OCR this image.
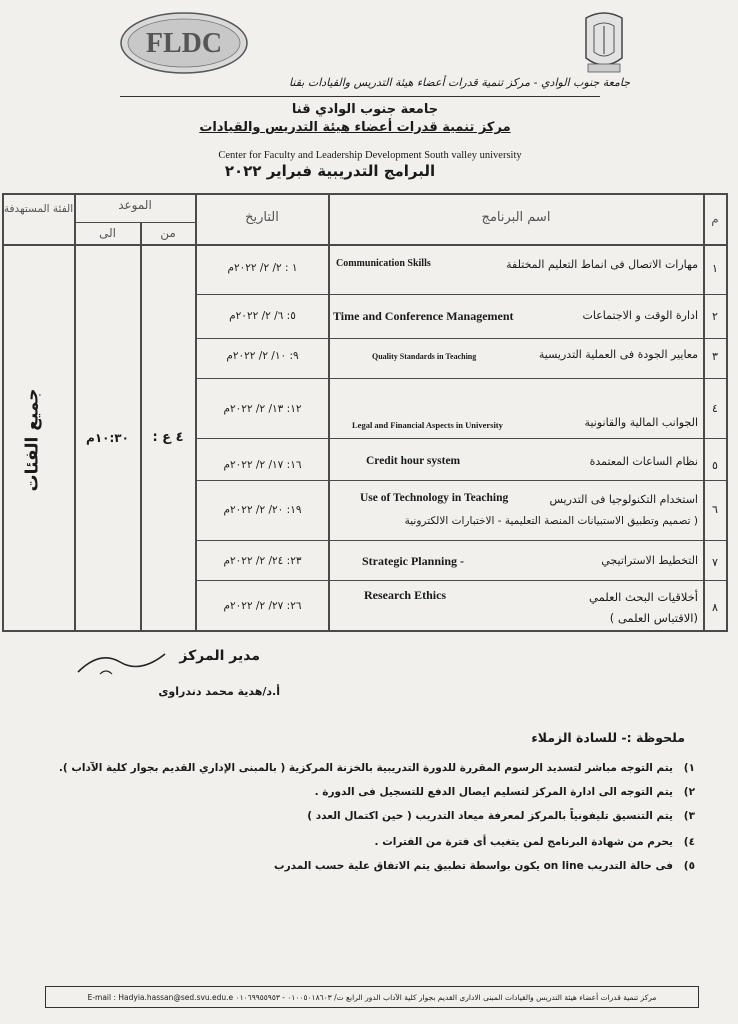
FLDC
جامعة جنوب الوادي - مركز تنمية قدرات أعضاء هيئة التدريس والقيادات بقنا
جامعة جنوب الوادي قنا
مركز تنمية قدرات أعضاء هيئة التدريس والقيادات
Center for Faculty and Leadership Development South valley university
البرامج التدريبية فبراير ٢٠٢٢
م
اسم البرنامج
التاريخ
الموعد
من
الى
الفئة المستهدفة
٤ ع :
١٠:٣٠م
جميع الفئات
١
مهارات الاتصال فى انماط التعليم المختلفة
Communication Skills
١ : ٢/ ٢/ ٢٠٢٢م
٢
ادارة الوقت و الاجتماعات
Time and Conference Management
٥: ٦/ ٢/ ٢٠٢٢م
٣
معايير الجودة فى العملية التدريسية
Quality Standards in Teaching
٩: ١٠/ ٢/ ٢٠٢٢م
٤
الجوانب المالية والقانونية
Legal and Financial Aspects in University
١٢: ١٣/ ٢/ ٢٠٢٢م
٥
نظام الساعات المعتمدة
Credit hour system
١٦: ١٧/ ٢/ ٢٠٢٢م
٦
استخدام التكنولوجيا فى التدريس
Use of Technology in Teaching
( تصميم وتطبيق الاستبيانات المنصة التعليمية - الاختبارات الالكترونية
١٩: ٢٠/ ٢/ ٢٠٢٢م
٧
التخطيط الاستراتيجي
Strategic Planning -
٢٣: ٢٤/ ٢/ ٢٠٢٢م
٨
أخلاقيات البحث العلمي
Research Ethics
(الاقتباس العلمى )
٢٦: ٢٧/ ٢/ ٢٠٢٢م
مدير المركز
أ.د/هدية محمد دندراوى
ملحوظة :- للسادة الزملاء
١)يتم التوجه مباشر لتسديد الرسوم المقررة للدورة التدريبية بالخزنة المركزية ( بالمبنى الإداري القديم بجوار كلية الآداب ).
٢)يتم التوجه الى ادارة المركز لتسليم ايصال الدفع للتسجيل فى الدورة .
٣)يتم التنسيق تليفونياً بالمركز لمعرفة ميعاد التدريب ( حين اكتمال العدد )
٤)يحرم من شهادة البرنامج لمن يتغيب أى فترة من الفترات .
٥)فى حالة التدريب on line يكون بواسطة تطبيق يتم الاتفاق علية حسب المدرب
مركز تنمية قدرات أعضاء هيئة التدريس والقيادات المبنى الادارى القديم بجوار كلية الآداب الدور الرابع ت/ ٠١٠٠٥٠١٨٦٠٣ - ٠١٠٦٩٩٥٥٩٥٣ E-mail : Hadyia.hassan@sed.svu.edu.e
